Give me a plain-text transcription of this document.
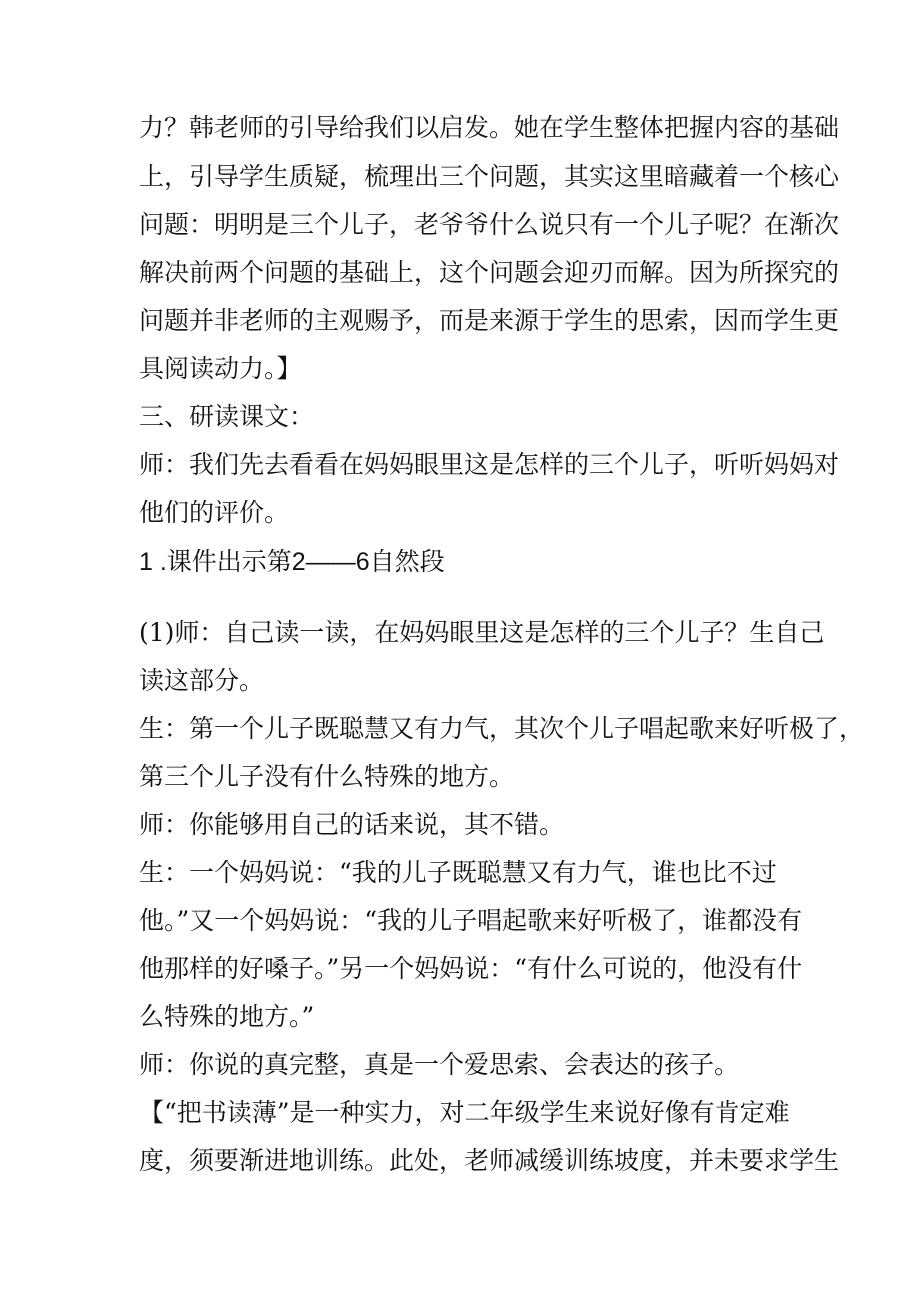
力？韩老师的引导给我们以启发。她在学生整体把握内容的基础
上，引导学生质疑，梳理出三个问题，其实这里暗藏着一个核心
问题：明明是三个儿子，老爷爷什么说只有一个儿子呢？在渐次
解决前两个问题的基础上，这个问题会迎刃而解。因为所探究的
问题并非老师的主观赐予，而是来源于学生的思索，因而学生更
具阅读动力。】
三、研读课文：
师：我们先去看看在妈妈眼里这是怎样的三个儿子，听听妈妈对
他们的评价。
1 .课件出示第2——6自然段
(1)师：自己读一读，在妈妈眼里这是怎样的三个儿子？生自己
读这部分。
生：第一个儿子既聪慧又有力气，其次个儿子唱起歌来好听极了，
第三个儿子没有什么特殊的地方。
师：你能够用自己的话来说，其不错。
生：一个妈妈说：“我的儿子既聪慧又有力气，谁也比不过
他。”又一个妈妈说：“我的儿子唱起歌来好听极了，谁都没有
他那样的好嗓子。”另一个妈妈说：“有什么可说的，他没有什
么特殊的地方。”
师：你说的真完整，真是一个爱思索、会表达的孩子。
【“把书读薄”是一种实力，对二年级学生来说好像有肯定难
度，须要渐进地训练。此处，老师减缓训练坡度，并未要求学生
